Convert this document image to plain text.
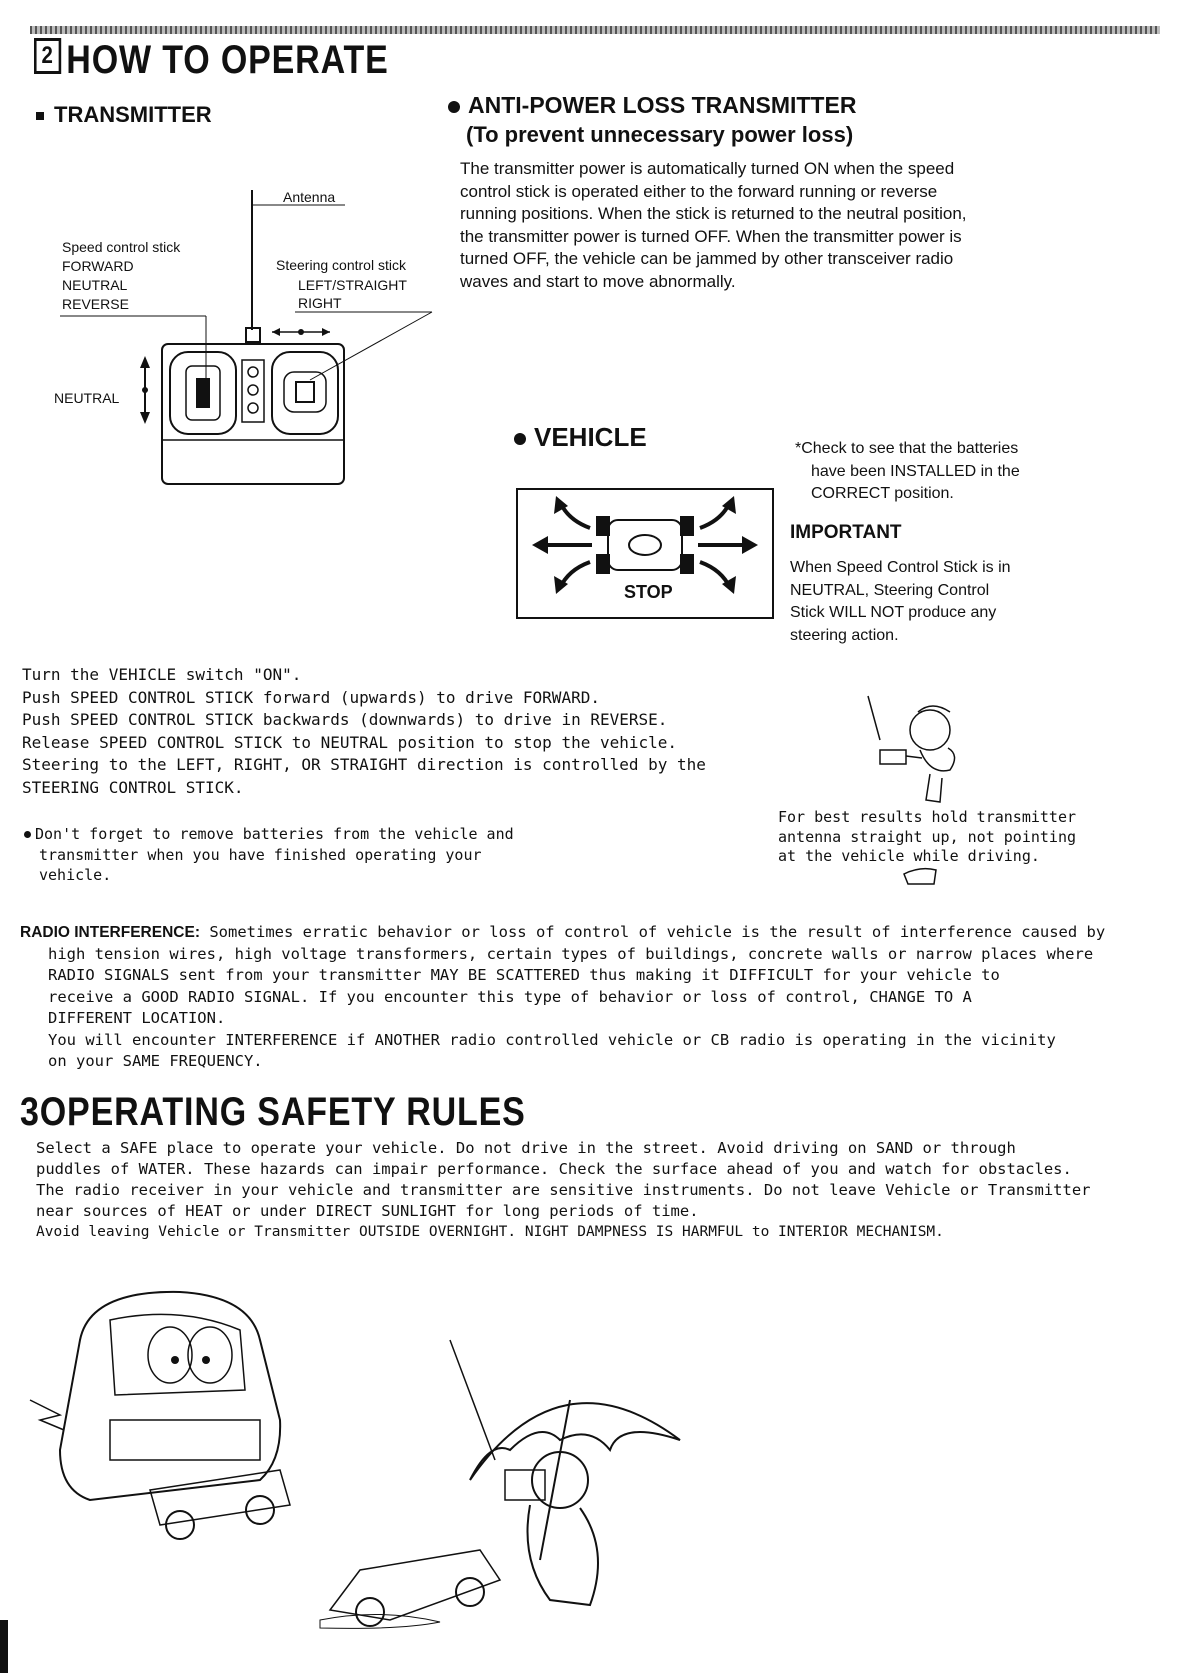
2 HOW TO OPERATE
TRANSMITTER
Antenna
Speed control stick
FORWARD
NEUTRAL
REVERSE
Steering control stick
LEFT/STRAIGHT
RIGHT
NEUTRAL
ANTI-POWER LOSS TRANSMITTER
(To prevent unnecessary power loss)
The transmitter power is automatically turned ON when the speed
control stick is operated either to the forward running or reverse
running positions. When the stick is returned to the neutral position,
the transmitter power is turned OFF. When the transmitter power is
turned OFF, the vehicle can be jammed by other transceiver radio
waves and start to move abnormally.
VEHICLE
STOP
*Check to see that the batteries
have been INSTALLED in the
CORRECT position.
IMPORTANT
When Speed Control Stick is in
NEUTRAL, Steering Control
Stick WILL NOT produce any
steering action.
Turn the VEHICLE switch "ON".
Push SPEED CONTROL STICK forward (upwards) to drive FORWARD.
Push SPEED CONTROL STICK backwards (downwards) to drive in REVERSE.
Release SPEED CONTROL STICK to NEUTRAL position to stop the vehicle.
Steering to the LEFT, RIGHT, OR STRAIGHT direction is controlled by the
STEERING CONTROL STICK.
Don't forget to remove batteries from the vehicle and
transmitter when you have finished operating your
vehicle.
For best results hold transmitter
antenna straight up, not pointing
at the vehicle while driving.
RADIO INTERFERENCE: Sometimes erratic behavior or loss of control of vehicle is the result of interference caused by
high tension wires, high voltage transformers, certain types of buildings, concrete walls or narrow places where
RADIO SIGNALS sent from your transmitter MAY BE SCATTERED thus making it DIFFICULT for your vehicle to
receive a GOOD RADIO SIGNAL. If you encounter this type of behavior or loss of control, CHANGE TO A
DIFFERENT LOCATION.
You will encounter INTERFERENCE if ANOTHER radio controlled vehicle or CB radio is operating in the vicinity
on your SAME FREQUENCY.
3OPERATING SAFETY RULES
Select a SAFE place to operate your vehicle. Do not drive in the street. Avoid driving on SAND or through
puddles of WATER. These hazards can impair performance. Check the surface ahead of you and watch for obstacles.
The radio receiver in your vehicle and transmitter are sensitive instruments. Do not leave Vehicle or Transmitter
near sources of HEAT or under DIRECT SUNLIGHT for long periods of time.
Avoid leaving Vehicle or Transmitter OUTSIDE OVERNIGHT. NIGHT DAMPNESS IS HARMFUL to INTERIOR MECHANISM.
